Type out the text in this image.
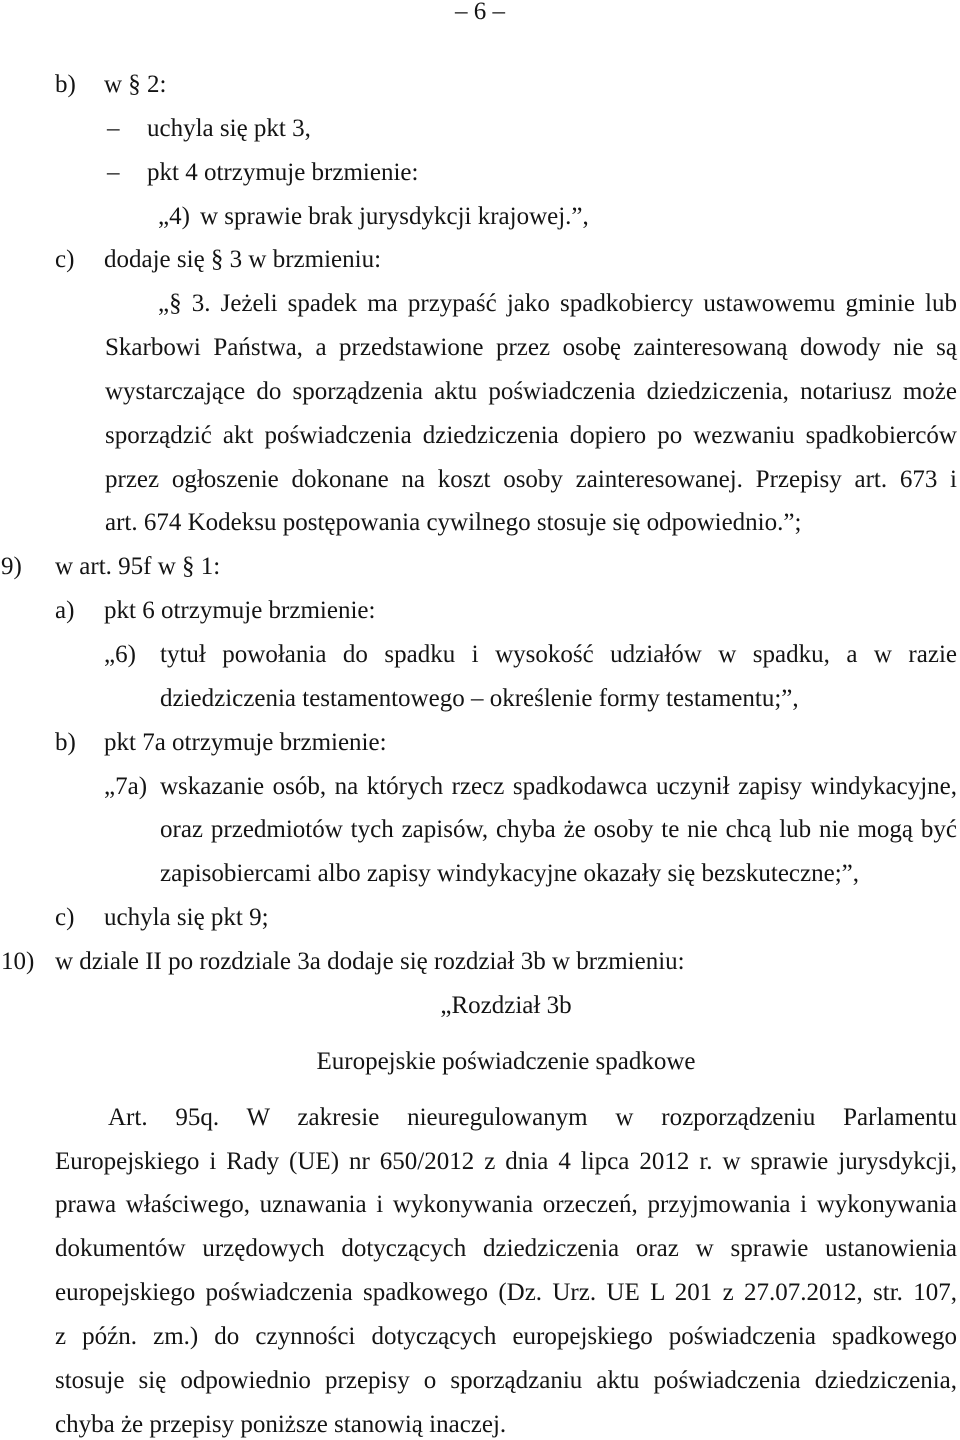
– 6 –
b) w § 2:
– uchyla się pkt 3,
– pkt 4 otrzymuje brzmienie:
„4) w sprawie brak jurysdykcji krajowej.”,
c) dodaje się § 3 w brzmieniu:
„§ 3. Jeżeli spadek ma przypaść jako spadkobiercy ustawowemu gminie lub
Skarbowi Państwa, a przedstawione przez osobę zainteresowaną dowody nie są
wystarczające do sporządzenia aktu poświadczenia dziedziczenia, notariusz może
sporządzić akt poświadczenia dziedziczenia dopiero po wezwaniu spadkobierców
przez ogłoszenie dokonane na koszt osoby zainteresowanej. Przepisy art. 673 i
art. 674 Kodeksu postępowania cywilnego stosuje się odpowiednio.”;
9) w art. 95f w § 1:
a) pkt 6 otrzymuje brzmienie:
„6) tytuł powołania do spadku i wysokość udziałów w spadku, a w razie
dziedziczenia testamentowego – określenie formy testamentu;”,
b) pkt 7a otrzymuje brzmienie:
„7a) wskazanie osób, na których rzecz spadkodawca uczynił zapisy windykacyjne,
oraz przedmiotów tych zapisów, chyba że osoby te nie chcą lub nie mogą być
zapisobiercami albo zapisy windykacyjne okazały się bezskuteczne;”,
c) uchyla się pkt 9;
10) w dziale II po rozdziale 3a dodaje się rozdział 3b w brzmieniu:
„Rozdział 3b
Europejskie poświadczenie spadkowe
Art. 95q. W zakresie nieuregulowanym w rozporządzeniu Parlamentu
Europejskiego i Rady (UE) nr 650/2012 z dnia 4 lipca 2012 r. w sprawie jurysdykcji,
prawa właściwego, uznawania i wykonywania orzeczeń, przyjmowania i wykonywania
dokumentów urzędowych dotyczących dziedziczenia oraz w sprawie ustanowienia
europejskiego poświadczenia spadkowego (Dz. Urz. UE L 201 z 27.07.2012, str. 107,
z późn. zm.) do czynności dotyczących europejskiego poświadczenia spadkowego
stosuje się odpowiednio przepisy o sporządzaniu aktu poświadczenia dziedziczenia,
chyba że przepisy poniższe stanowią inaczej.
